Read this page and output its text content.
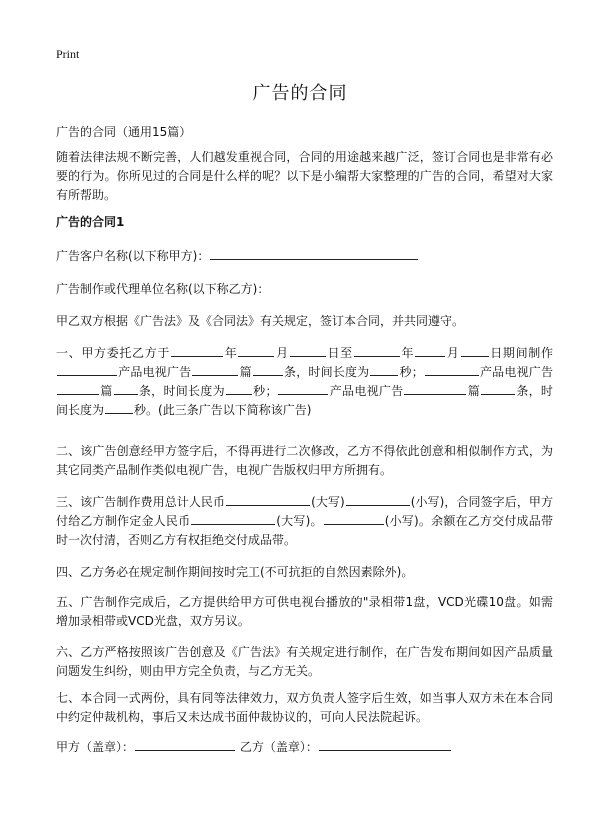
Print
广告的合同
广告的合同（通用15篇）

随着法律法规不断完善，人们越发重视合同，合同的用途越来越广泛，签订合同也是非常有必要的行为。你所见过的合同是什么样的呢？以下是小编帮大家整理的广告的合同，希望对大家有所帮助。

广告的合同1

广告客户名称(以下称甲方)：

广告制作或代理单位名称(以下称乙方)：

甲乙双方根据《广告法》及《合同法》有关规定，签订本合同，并共同遵守。

一、甲方委托乙方于	年	月	日至	年	月	日期间制作产品电视广告	篇	条，时间长度为	秒；	产品电视广告篇 条，时间长度为 秒；	产品电视广告	篇	条，时间长度为	秒。(此三条广告以下简称该广告)

二、该广告创意经甲方签字后，不得再进行二次修改，乙方不得依此创意和相似制作方式，为其它同类产品制作类似电视广告，电视广告版权归甲方所拥有。

三、该广告制作费用总计人民币	(大写)	(小写)，合同签字后，甲方付给乙方制作定金人民币	(大写)。	(小写)。余额在乙方交付成品带时一次付清，否则乙方有权拒绝交付成品带。

四、乙方务必在规定制作期间按时完工(不可抗拒的自然因素除外)。

五、广告制作完成后，乙方提供给甲方可供电视台播放的"录相带1盘，VCD光碟10盘。如需增加录相带或VCD光盘，双方另议。

六、乙方严格按照该广告创意及《广告法》有关规定进行制作，在广告发布期间如因产品质量问题发生纠纷，则由甲方完全负责，与乙方无关。

七、本合同一式两份，具有同等法律效力，双方负责人签字后生效，如当事人双方未在本合同中约定仲裁机构，事后又未达成书面仲裁协议的，可向人民法院起诉。

甲方（盖章）：	乙方（盖章）：
